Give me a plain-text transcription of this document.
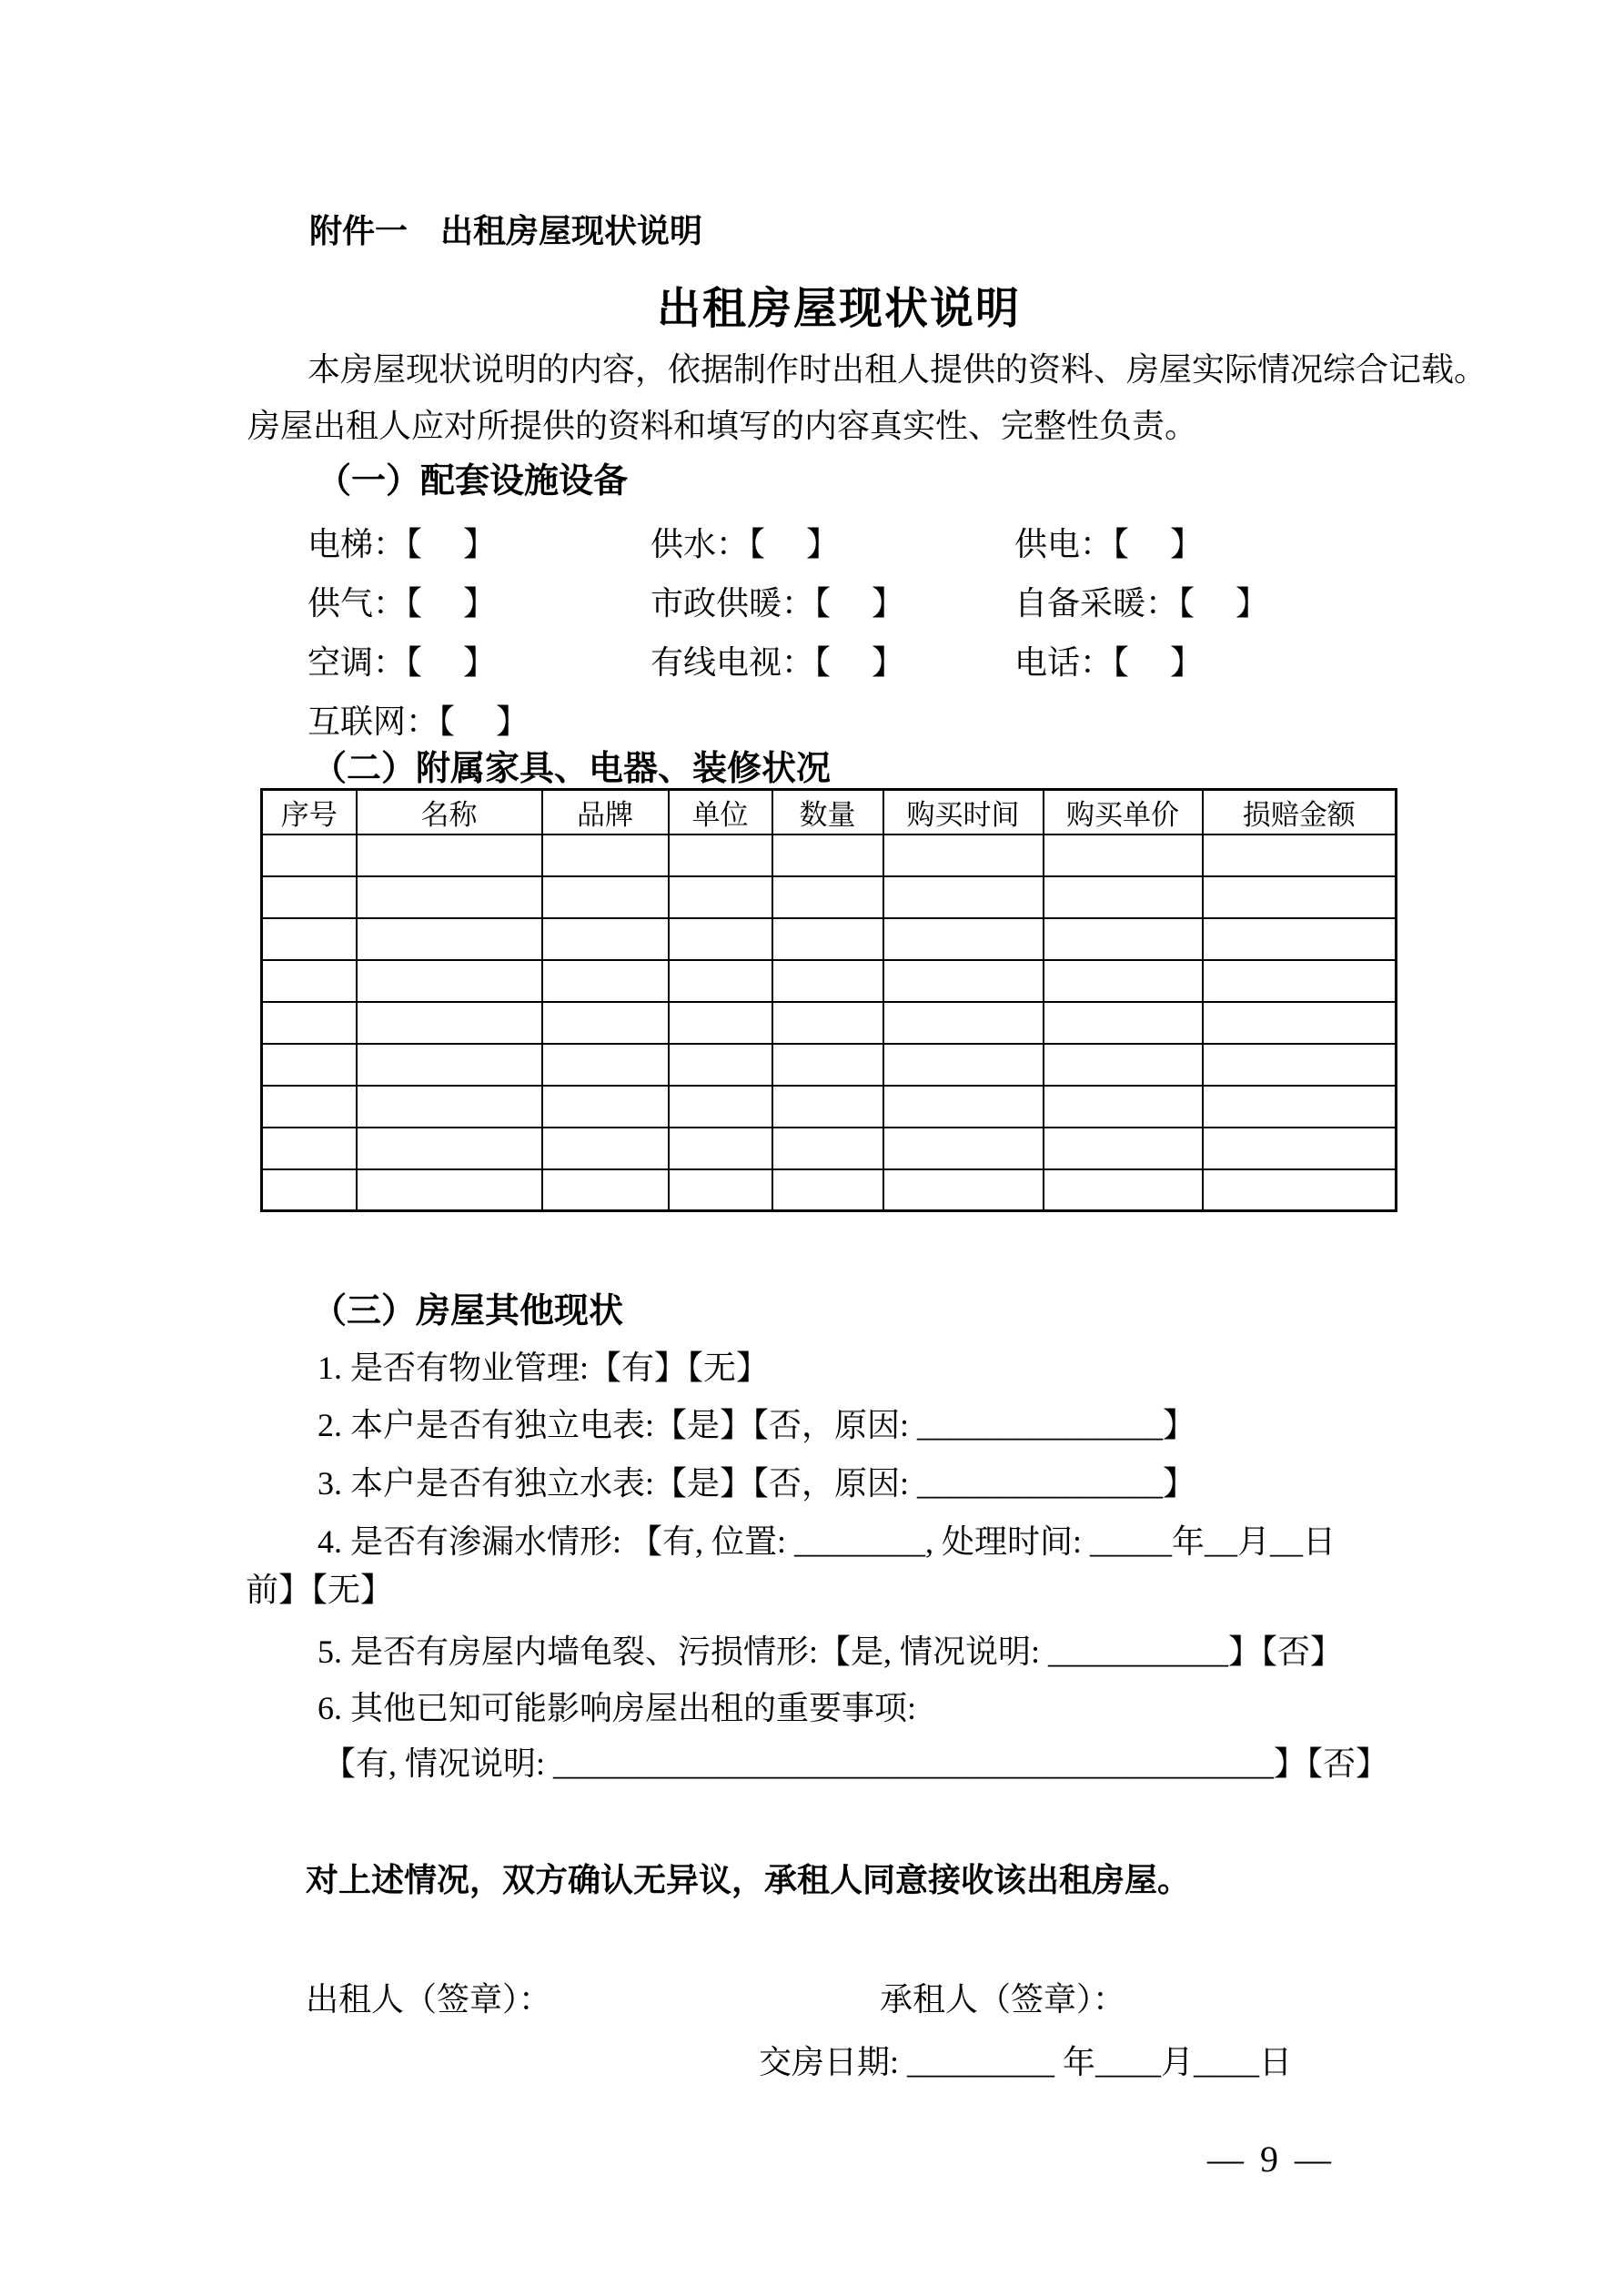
附件一　出租房屋现状说明
出租房屋现状说明
本房屋现状说明的内容，依据制作时出租人提供的资料、房屋实际情况综合记载。
房屋出租人应对所提供的资料和填写的内容真实性、完整性负责。
（一）配套设施设备
电梯：【　 】	供水：【　 】	供电：【　 】
供气：【　 】	市政供暖：【　 】	自备采暖：【　 】
空调：【　 】	有线电视：【　 】	电话：【　 】
互联网：【　 】
（二）附属家具、电器、装修状况
序号	名称	品牌	单位	数量	购买时间	购买单价	损赔金额

（三）房屋其他现状
1. 是否有物业管理:【有】【无】
2. 本户是否有独立电表:【是】【否，原因: _______________】
3. 本户是否有独立水表:【是】【否，原因: _______________】
4. 是否有渗漏水情形: 【有, 位置: ________, 处理时间: _____年__月__日
前】【无】
5. 是否有房屋内墙龟裂、污损情形:【是, 情况说明: ___________】【否】
6. 其他已知可能影响房屋出租的重要事项:
【有, 情况说明: ____________________________________________】【否】
对上述情况，双方确认无异议，承租人同意接收该出租房屋。
出租人（签章）：	承租人（签章）：
交房日期: _________ 年____月____日
— 9 —
